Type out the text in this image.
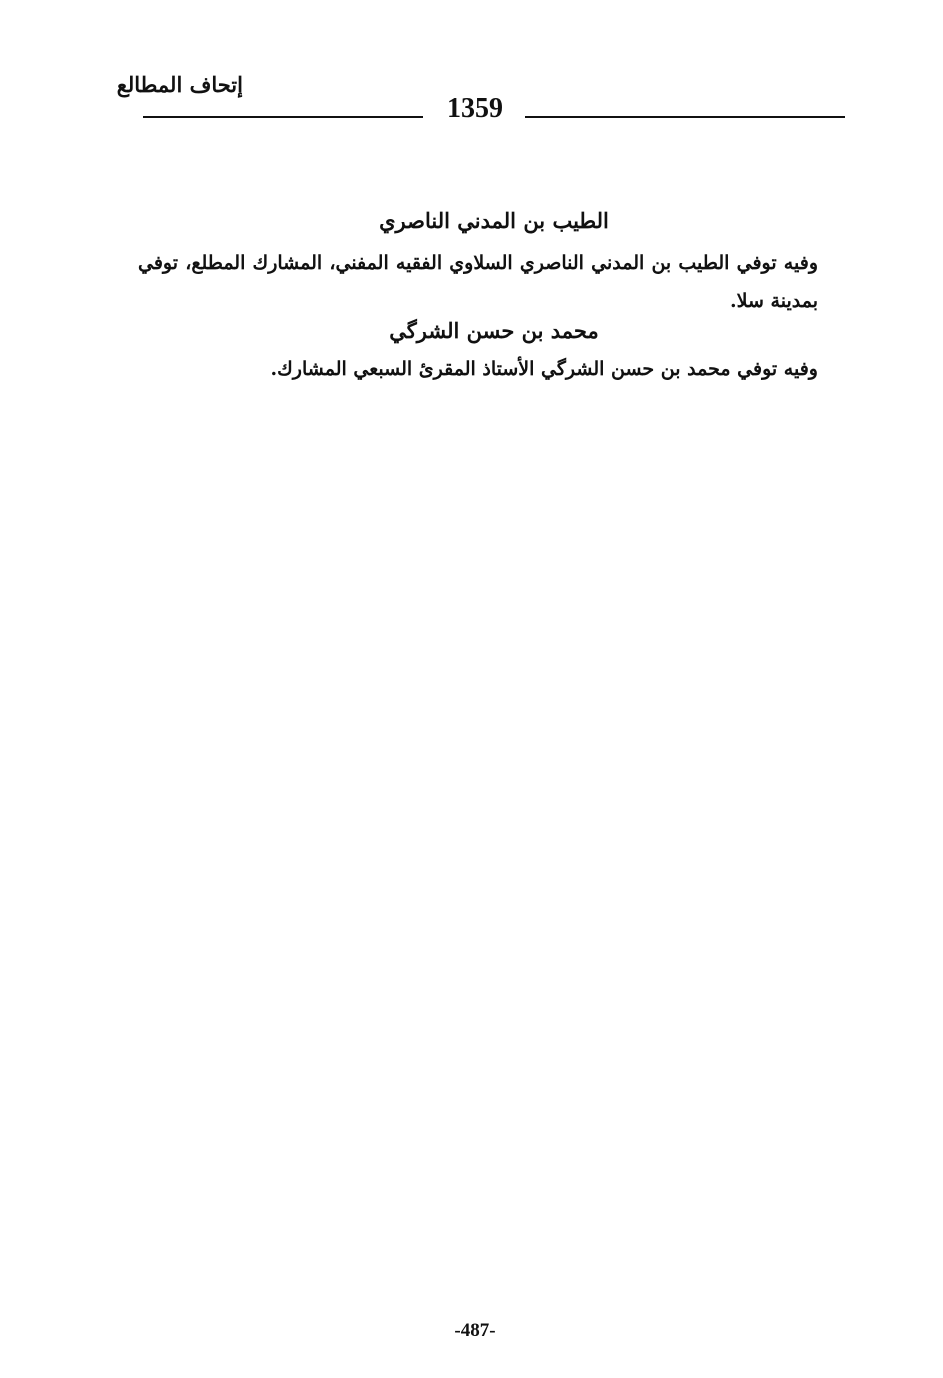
إتحاف المطالع
1359
الطيب بن المدني الناصري
وفيه توفي الطيب بن المدني الناصري السلاوي الفقيه المفني، المشارك المطلع، توفي بمدينة سلا.
محمد بن حسن الشرگي
وفيه توفي محمد بن حسن الشرگي الأستاذ المقرئ السبعي المشارك.
-487-
